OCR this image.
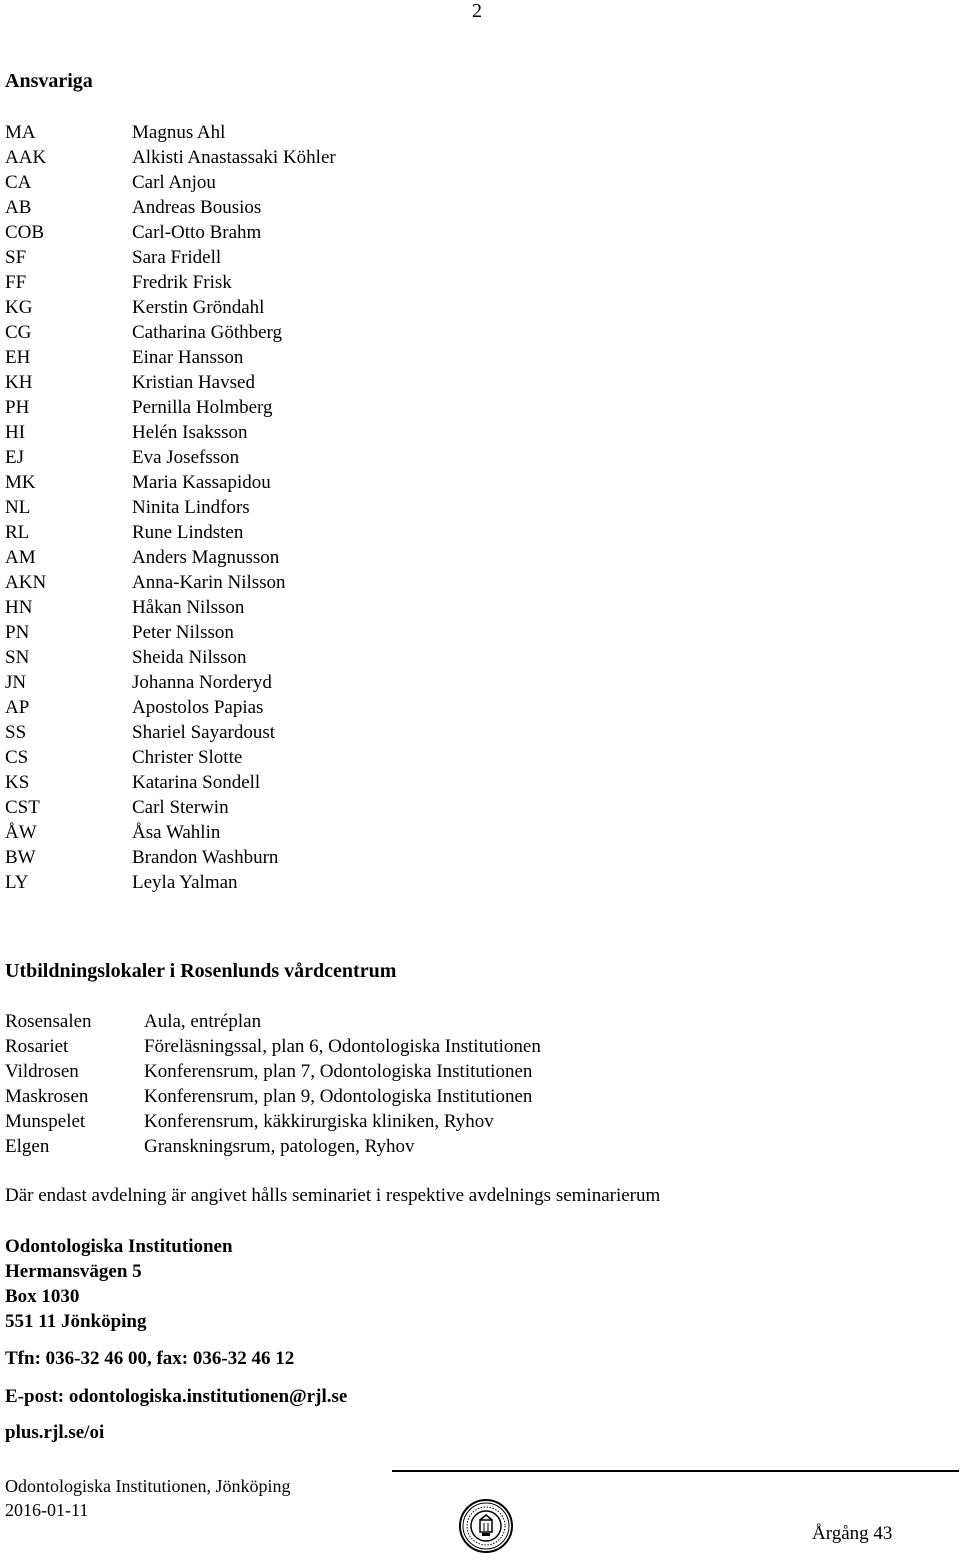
2
Ansvariga
MA	Magnus Ahl
AAK	Alkisti Anastassaki Köhler
CA	Carl Anjou
AB	Andreas Bousios
COB	Carl-Otto Brahm
SF	Sara Fridell
FF	Fredrik Frisk
KG	Kerstin Gröndahl
CG	Catharina Göthberg
EH	Einar Hansson
KH	Kristian Havsed
PH	Pernilla Holmberg
HI	Helén Isaksson
EJ	Eva Josefsson
MK	Maria Kassapidou
NL	Ninita Lindfors
RL	Rune Lindsten
AM	Anders Magnusson
AKN	Anna-Karin Nilsson
HN	Håkan Nilsson
PN	Peter Nilsson
SN	Sheida Nilsson
JN	Johanna Norderyd
AP	Apostolos Papias
SS	Shariel Sayardoust
CS	Christer Slotte
KS	Katarina Sondell
CST	Carl Sterwin
ÅW	Åsa Wahlin
BW	Brandon Washburn
LY	Leyla Yalman
Utbildningslokaler i Rosenlunds vårdcentrum
Rosensalen	Aula, entréplan
Rosariet	Föreläsningssal, plan 6, Odontologiska Institutionen
Vildrosen	Konferensrum, plan 7, Odontologiska Institutionen
Maskrosen	Konferensrum, plan 9, Odontologiska Institutionen
Munspelet	Konferensrum, käkkirurgiska kliniken, Ryhov
Elgen	Granskningsrum, patologen, Ryhov
Där endast avdelning är angivet hålls seminariet i respektive avdelnings seminarierum
Odontologiska Institutionen
Hermansvägen 5
Box 1030
551 11 Jönköping
Tfn: 036-32 46 00, fax: 036-32 46 12
E-post: odontologiska.institutionen@rjl.se
plus.rjl.se/oi
Odontologiska Institutionen, Jönköping
2016-01-11
Årgång 43
